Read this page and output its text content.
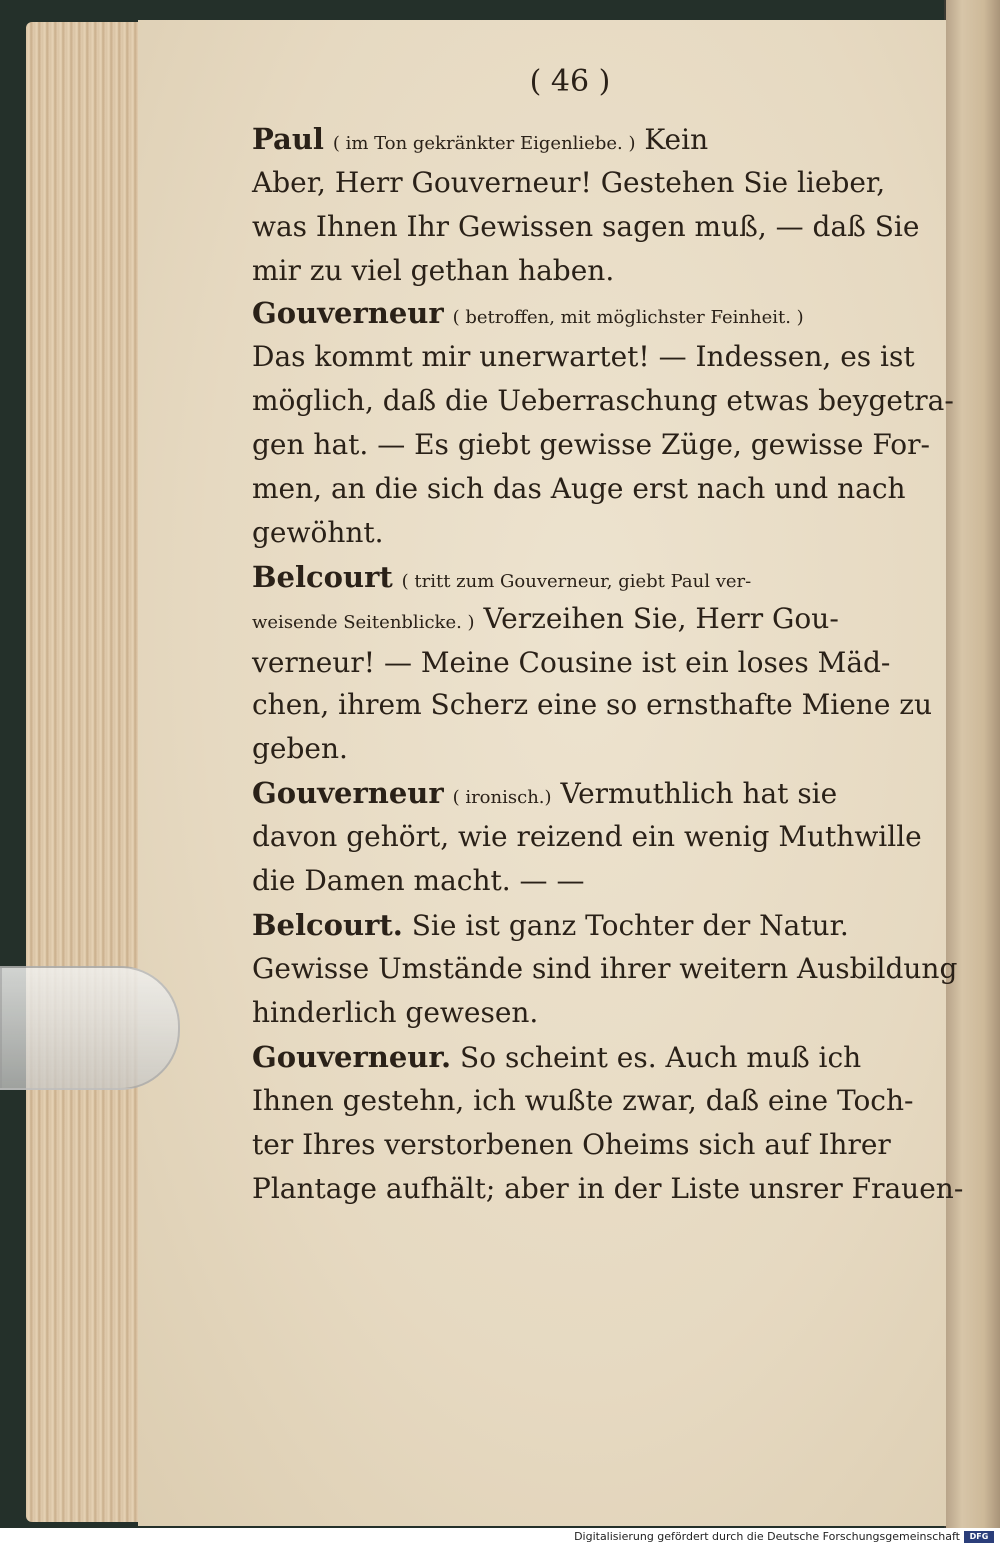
( 46 )
Paul ( im Ton gekränkter Eigenliebe. ) Kein
Aber, Herr Gouverneur! Gestehen Sie lieber,
was Ihnen Ihr Gewissen sagen muß, — daß Sie
mir zu viel gethan haben.
Gouverneur ( betroffen, mit möglichster Feinheit. )
Das kommt mir unerwartet! — Indessen, es ist
möglich, daß die Ueberraschung etwas beygetra-
gen hat. — Es giebt gewisse Züge, gewisse For-
men, an die sich das Auge erst nach und nach
gewöhnt.
Belcourt ( tritt zum Gouverneur, giebt Paul ver-
weisende Seitenblicke. ) Verzeihen Sie, Herr Gou-
verneur! — Meine Cousine ist ein loses Mäd-
chen, ihrem Scherz eine so ernsthafte Miene zu
geben.
Gouverneur ( ironisch.) Vermuthlich hat sie
davon gehört, wie reizend ein wenig Muthwille
die Damen macht. — —
Belcourt. Sie ist ganz Tochter der Natur.
Gewisse Umstände sind ihrer weitern Ausbildung
hinderlich gewesen.
Gouverneur. So scheint es. Auch muß ich
Ihnen gestehn, ich wußte zwar, daß eine Toch-
ter Ihres verstorbenen Oheims sich auf Ihrer
Plantage aufhält; aber in der Liste unsrer Frauen-
Digitalisierung gefördert durch die Deutsche Forschungsgemeinschaft	DFG
